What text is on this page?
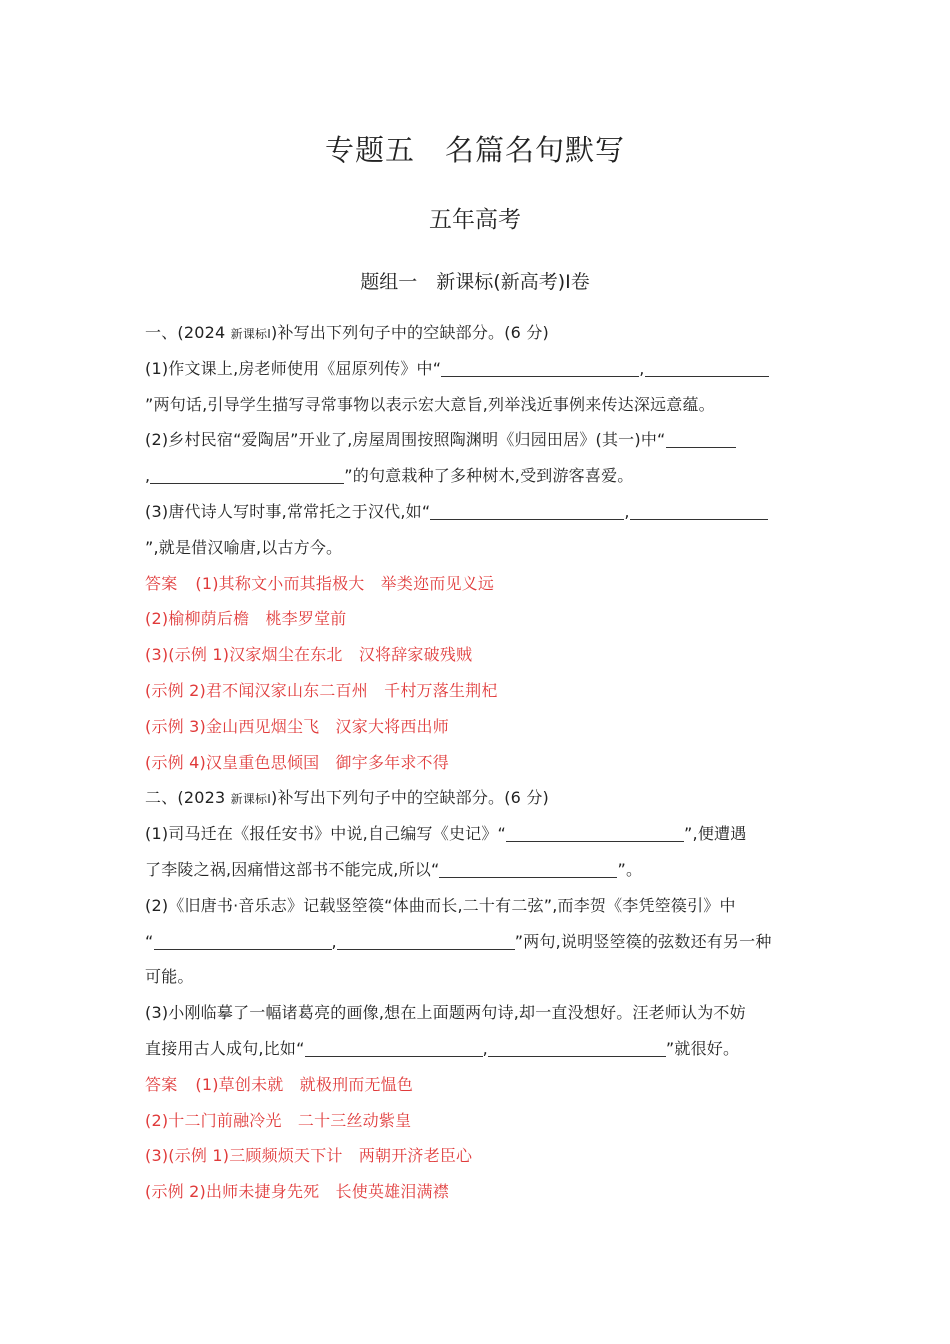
专题五　名篇名句默写
五年高考
题组一　新课标(新高考)Ⅰ卷
一、(2024 新课标Ⅰ)补写出下列句子中的空缺部分。(6 分)
(1)作文课上,房老师使用《屈原列传》中“	,
”两句话,引导学生描写寻常事物以表示宏大意旨,列举浅近事例来传达深远意蕴。
(2)乡村民宿“爱陶居”开业了,房屋周围按照陶渊明《归园田居》(其一)中“
,	”的句意栽种了多种树木,受到游客喜爱。
(3)唐代诗人写时事,常常托之于汉代,如“	,
”,就是借汉喻唐,以古方今。
答案 (1)其称文小而其指极大　举类迩而见义远
(2)榆柳荫后檐　桃李罗堂前
(3)(示例 1)汉家烟尘在东北　汉将辞家破残贼
(示例 2)君不闻汉家山东二百州　千村万落生荆杞
(示例 3)金山西见烟尘飞　汉家大将西出师
(示例 4)汉皇重色思倾国　御宇多年求不得
二、(2023 新课标Ⅰ)补写出下列句子中的空缺部分。(6 分)
(1)司马迁在《报任安书》中说,自己编写《史记》“	”,便遭遇
了李陵之祸,因痛惜这部书不能完成,所以“	”。
(2)《旧唐书·音乐志》记载竖箜篌“体曲而长,二十有二弦”,而李贺《李凭箜篌引》中
“	,	”两句,说明竖箜篌的弦数还有另一种
可能。
(3)小刚临摹了一幅诸葛亮的画像,想在上面题两句诗,却一直没想好。汪老师认为不妨
直接用古人成句,比如“	,	”就很好。
答案 (1)草创未就　就极刑而无愠色
(2)十二门前融冷光　二十三丝动紫皇
(3)(示例 1)三顾频烦天下计　两朝开济老臣心
(示例 2)出师未捷身先死　长使英雄泪满襟
